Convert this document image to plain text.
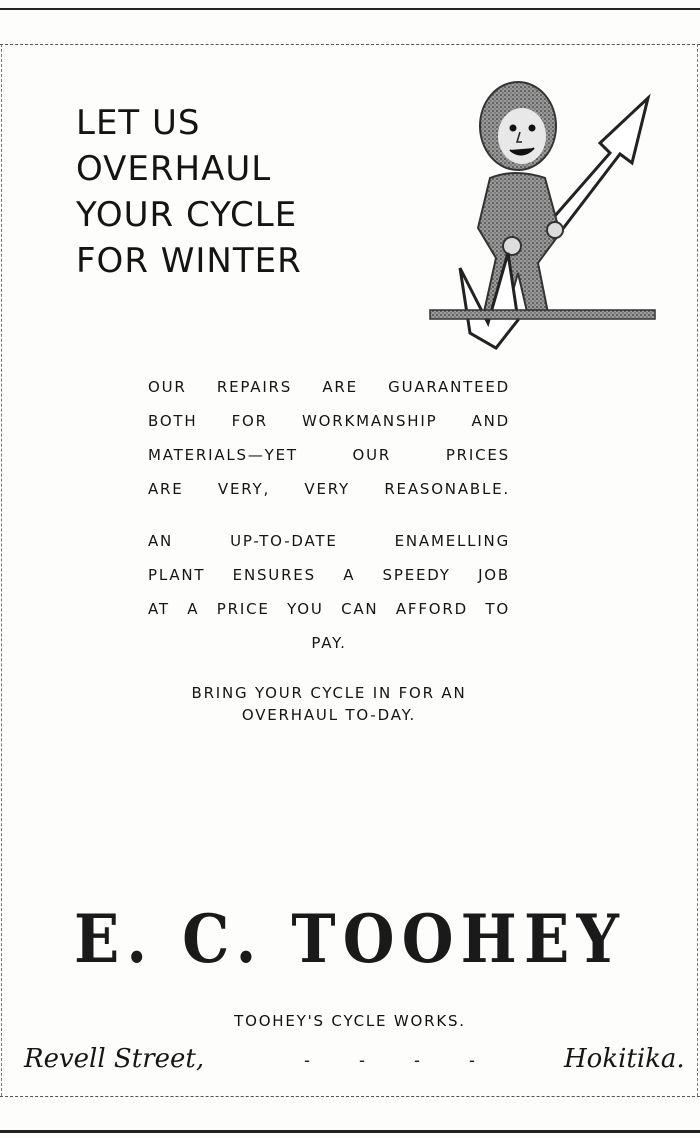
LET US
OVERHAUL
YOUR CYCLE
FOR WINTER
OUR REPAIRS ARE GUARANTEED
BOTH FOR WORKMANSHIP AND
MATERIALS—YET OUR PRICES
ARE VERY, VERY REASONABLE.
AN UP-TO-DATE ENAMELLING
PLANT ENSURES A SPEEDY JOB
AT A PRICE YOU CAN AFFORD TO
PAY.
BRING YOUR CYCLE IN FOR AN
OVERHAUL TO-DAY.
E. C. TOOHEY
TOOHEY'S CYCLE WORKS.
Revell Street,	- - - -	Hokitika.
